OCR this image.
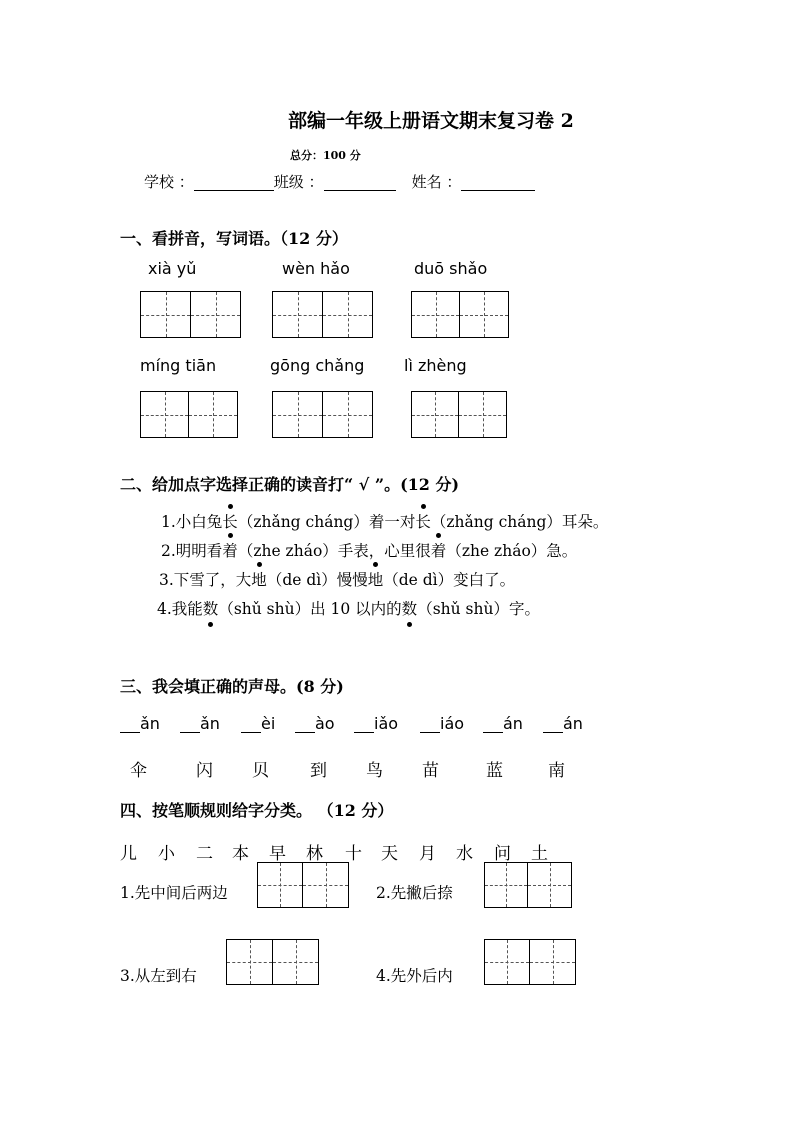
部编一年级上册语文期末复习卷 2
总分：100 分
学校 ：	班级 ：	姓名 ：
一、看拼音，写词语。（12 分）
xià yǔ	wèn hǎo	duō shǎo
míng tiān	gōng chǎng lì zhèng
二、给加点字选择正确的读音打“ √ ”。(12 分)
1.小白兔长（zhǎng cháng）着一对长（zhǎng cháng）耳朵。
2.明明看着（zhe zháo）手表，心里很着（zhe zháo）急。
3.下雪了，大地（de dì）慢慢地（de dì）变白了。
4.我能数（shǔ shù）出 10 以内的数（shǔ shù）字。
三、我会填正确的声母。(8 分)
ǎn	ǎn	èi	ào	iǎo	iáo	án	án
伞	闪 贝 到 鸟 苗	蓝	南
四、按笔顺规则给字分类。 （12 分）
儿 小 二 本 早 林 十 天 月 水 问 土
1.先中间后两边	2.先撇后捺
3.从左到右	4.先外后内
